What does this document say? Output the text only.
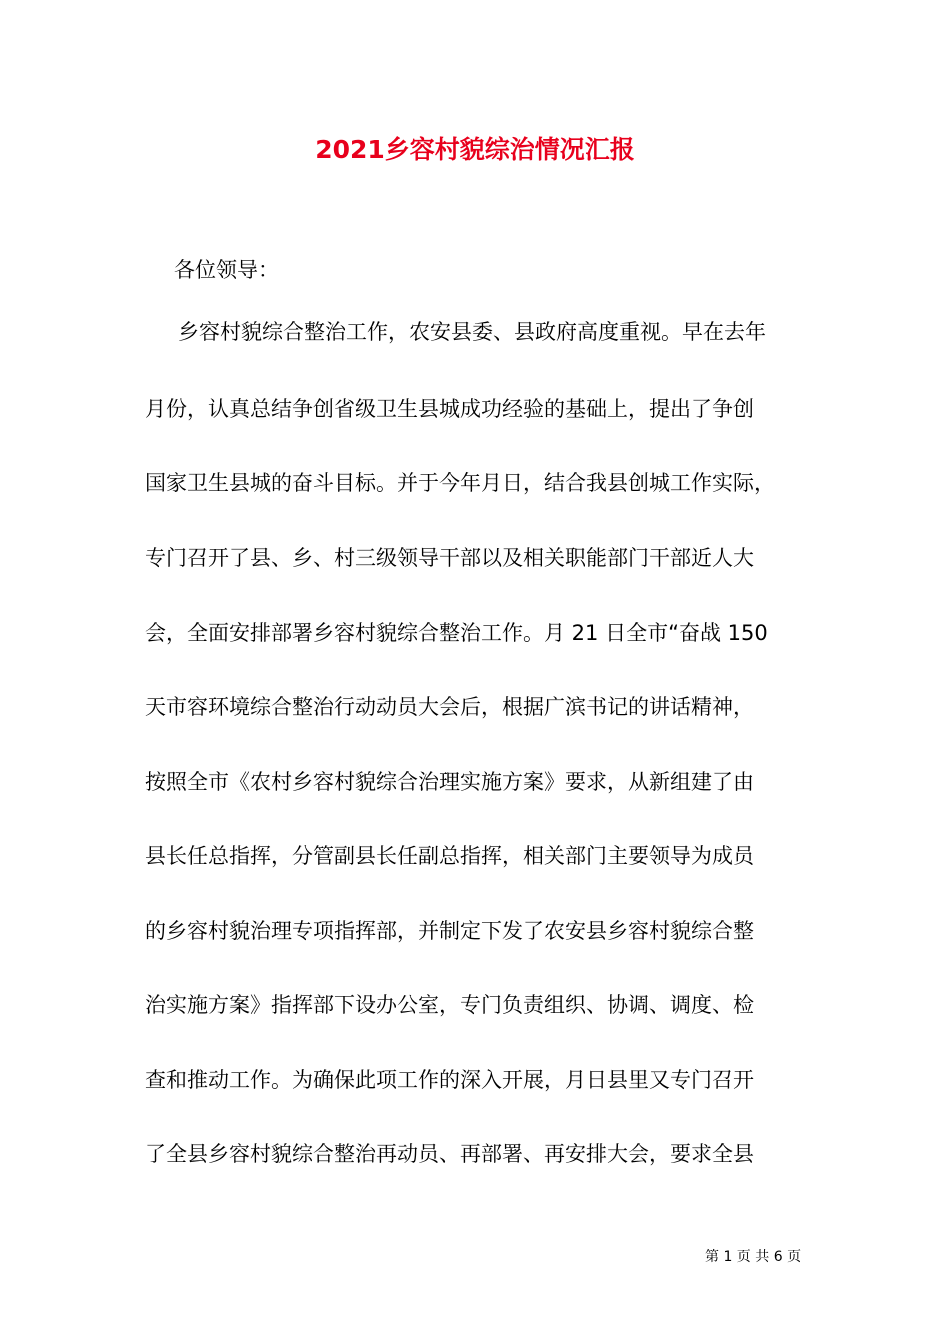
2021乡容村貌综治情况汇报

各位领导：

乡容村貌综合整治工作，农安县委、县政府高度重视。早在去年

月份，认真总结争创省级卫生县城成功经验的基础上，提出了争创

国家卫生县城的奋斗目标。并于今年月日，结合我县创城工作实际，

专门召开了县、乡、村三级领导干部以及相关职能部门干部近人大

会，全面安排部署乡容村貌综合整治工作。月 21 日全市“奋战 150

天市容环境综合整治行动动员大会后，根据广滨书记的讲话精神，

按照全市《农村乡容村貌综合治理实施方案》要求，从新组建了由

县长任总指挥，分管副县长任副总指挥，相关部门主要领导为成员

的乡容村貌治理专项指挥部，并制定下发了农安县乡容村貌综合整

治实施方案》指挥部下设办公室，专门负责组织、协调、调度、检

查和推动工作。为确保此项工作的深入开展，月日县里又专门召开

了全县乡容村貌综合整治再动员、再部署、再安排大会，要求全县

第 1 页 共 6 页
